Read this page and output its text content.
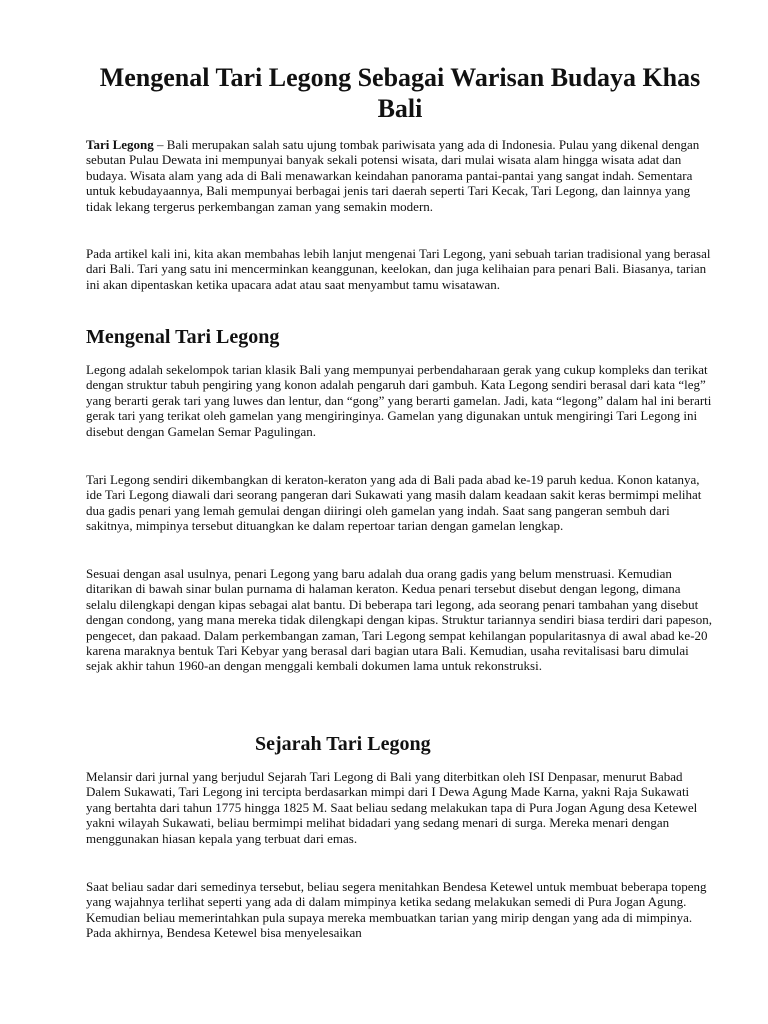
Mengenal Tari Legong Sebagai Warisan Budaya Khas Bali

Tari Legong – Bali merupakan salah satu ujung tombak pariwisata yang ada di Indonesia. Pulau yang dikenal dengan sebutan Pulau Dewata ini mempunyai banyak sekali potensi wisata, dari mulai wisata alam hingga wisata adat dan budaya. Wisata alam yang ada di Bali menawarkan keindahan panorama pantai-pantai yang sangat indah. Sementara untuk kebudayaannya, Bali mempunyai berbagai jenis tari daerah seperti Tari Kecak, Tari Legong, dan lainnya yang tidak lekang tergerus perkembangan zaman yang semakin modern.

Pada artikel kali ini, kita akan membahas lebih lanjut mengenai Tari Legong, yani sebuah tarian tradisional yang berasal dari Bali. Tari yang satu ini mencerminkan keanggunan, keelokan, dan juga kelihaian para penari Bali. Biasanya, tarian ini akan dipentaskan ketika upacara adat atau saat menyambut tamu wisatawan.

Mengenal Tari Legong

Legong adalah sekelompok tarian klasik Bali yang mempunyai perbendaharaan gerak yang cukup kompleks dan terikat dengan struktur tabuh pengiring yang konon adalah pengaruh dari gambuh. Kata Legong sendiri berasal dari kata “leg” yang berarti gerak tari yang luwes dan lentur, dan “gong” yang berarti gamelan. Jadi, kata “legong” dalam hal ini berarti gerak tari yang terikat oleh gamelan yang mengiringinya. Gamelan yang digunakan untuk mengiringi Tari Legong ini disebut dengan Gamelan Semar Pagulingan.

Tari Legong sendiri dikembangkan di keraton-keraton yang ada di Bali pada abad ke-19 paruh kedua. Konon katanya, ide Tari Legong diawali dari seorang pangeran dari Sukawati yang masih dalam keadaan sakit keras bermimpi melihat dua gadis penari yang lemah gemulai dengan diiringi oleh gamelan yang indah. Saat sang pangeran sembuh dari sakitnya, mimpinya tersebut dituangkan ke dalam repertoar tarian dengan gamelan lengkap.

Sesuai dengan asal usulnya, penari Legong yang baru adalah dua orang gadis yang belum menstruasi. Kemudian ditarikan di bawah sinar bulan purnama di halaman keraton. Kedua penari tersebut disebut dengan legong, dimana selalu dilengkapi dengan kipas sebagai alat bantu. Di beberapa tari legong, ada seorang penari tambahan yang disebut dengan condong, yang mana mereka tidak dilengkapi dengan kipas. Struktur tariannya sendiri biasa terdiri dari papeson, pengecet, dan pakaad. Dalam perkembangan zaman, Tari Legong sempat kehilangan popularitasnya di awal abad ke-20 karena maraknya bentuk Tari Kebyar yang berasal dari bagian utara Bali. Kemudian, usaha revitalisasi baru dimulai sejak akhir tahun 1960-an dengan menggali kembali dokumen lama untuk rekonstruksi.

Sejarah Tari Legong

Melansir dari jurnal yang berjudul Sejarah Tari Legong di Bali yang diterbitkan oleh ISI Denpasar, menurut Babad Dalem Sukawati, Tari Legong ini tercipta berdasarkan mimpi dari I Dewa Agung Made Karna, yakni Raja Sukawati yang bertahta dari tahun 1775 hingga 1825 M. Saat beliau sedang melakukan tapa di Pura Jogan Agung desa Ketewel yakni wilayah Sukawati, beliau bermimpi melihat bidadari yang sedang menari di surga. Mereka menari dengan menggunakan hiasan kepala yang terbuat dari emas.

Saat beliau sadar dari semedinya tersebut, beliau segera menitahkan Bendesa Ketewel untuk membuat beberapa topeng yang wajahnya terlihat seperti yang ada di dalam mimpinya ketika sedang melakukan semedi di Pura Jogan Agung. Kemudian beliau memerintahkan pula supaya mereka membuatkan tarian yang mirip dengan yang ada di mimpinya. Pada akhirnya, Bendesa Ketewel bisa menyelesaikan
